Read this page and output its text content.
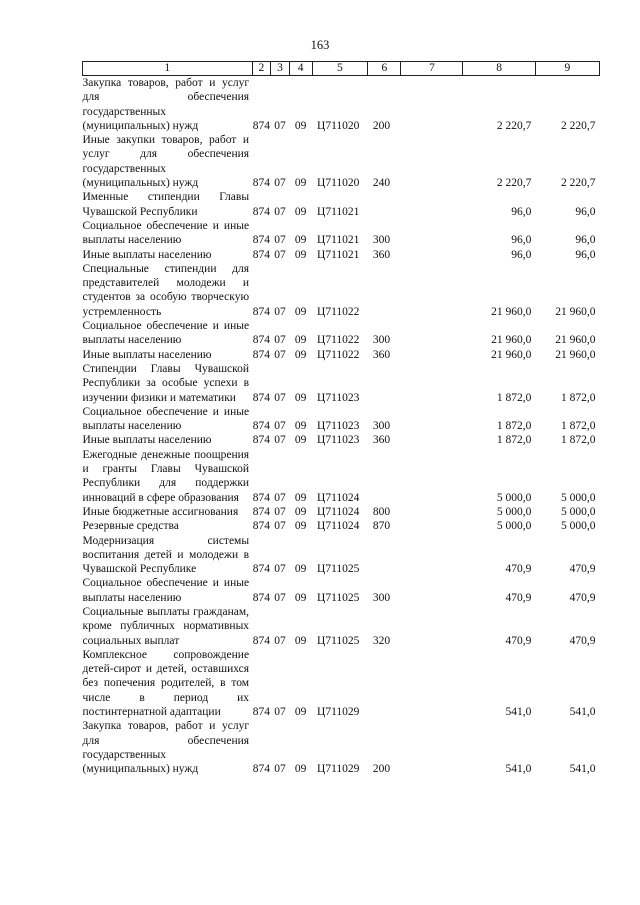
163
1	2	3	4	5	6	7	8	9
Закупка товаров, работ и услуг для обеспечения государственных (муниципальных) нужд	874	07	09	Ц711020	200		2 220,7	2 220,7
Иные закупки товаров, работ и услуг для обеспечения государственных (муниципальных) нужд	874	07	09	Ц711020	240		2 220,7	2 220,7
Именные стипендии Главы Чувашской Республики	874	07	09	Ц711021			96,0	96,0
Социальное обеспечение и иные выплаты населению	874	07	09	Ц711021	300		96,0	96,0
Иные выплаты населению	874	07	09	Ц711021	360		96,0	96,0
Специальные стипендии для представителей молодежи и студентов за особую творческую устремленность	874	07	09	Ц711022			21 960,0	21 960,0
Социальное обеспечение и иные выплаты населению	874	07	09	Ц711022	300		21 960,0	21 960,0
Иные выплаты населению	874	07	09	Ц711022	360		21 960,0	21 960,0
Стипендии Главы Чувашской Республики за особые успехи в изучении физики и математики	874	07	09	Ц711023			1 872,0	1 872,0
Социальное обеспечение и иные выплаты населению	874	07	09	Ц711023	300		1 872,0	1 872,0
Иные выплаты населению	874	07	09	Ц711023	360		1 872,0	1 872,0
Ежегодные денежные поощрения и гранты Главы Чувашской Республики для поддержки инноваций в сфере образования	874	07	09	Ц711024			5 000,0	5 000,0
Иные бюджетные ассигнования	874	07	09	Ц711024	800		5 000,0	5 000,0
Резервные средства	874	07	09	Ц711024	870		5 000,0	5 000,0
Модернизация системы воспитания детей и молодежи в Чувашской Республике	874	07	09	Ц711025			470,9	470,9
Социальное обеспечение и иные выплаты населению	874	07	09	Ц711025	300		470,9	470,9
Социальные выплаты гражданам, кроме публичных нормативных социальных выплат	874	07	09	Ц711025	320		470,9	470,9
Комплексное сопровождение детей-сирот и детей, оставшихся без попечения родителей, в том числе в период их постинтернатной адаптации	874	07	09	Ц711029			541,0	541,0
Закупка товаров, работ и услуг для обеспечения государственных (муниципальных) нужд	874	07	09	Ц711029	200		541,0	541,0
